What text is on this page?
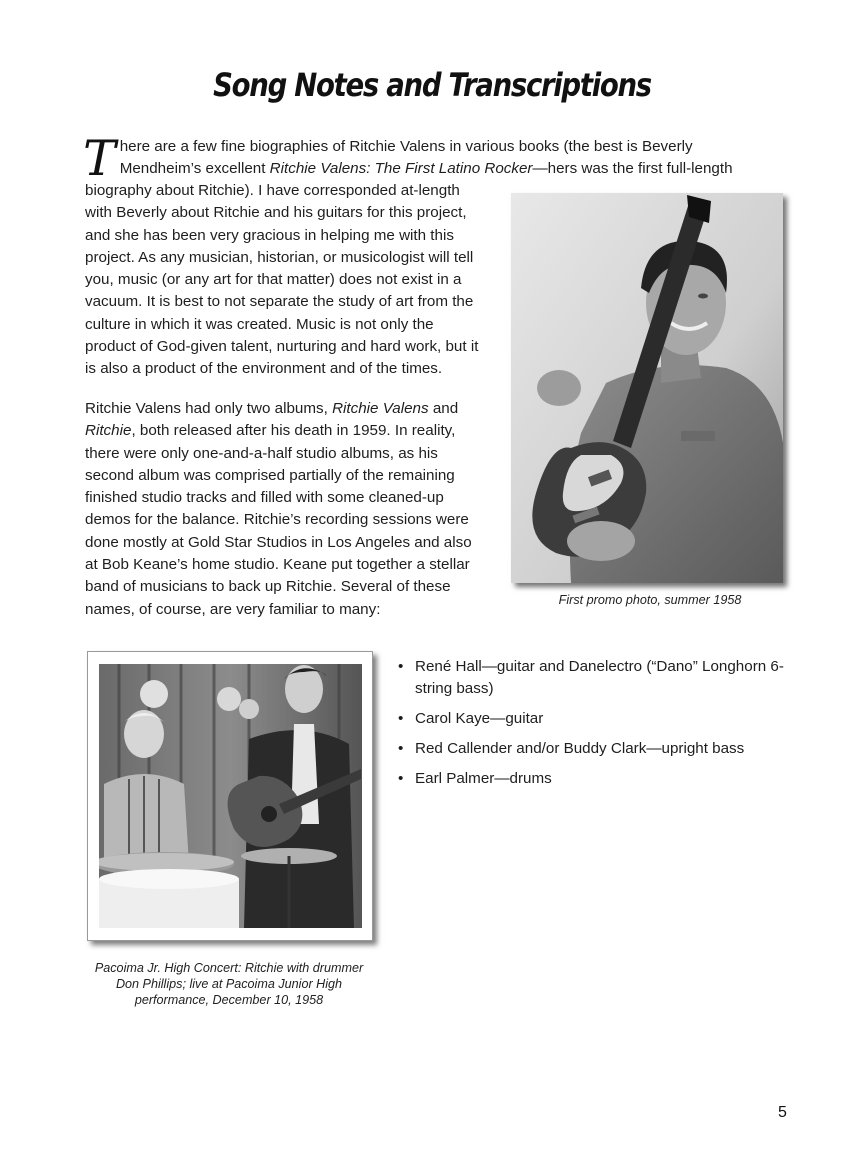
Song Notes and Transcriptions
T here are a few fine biographies of Ritchie Valens in various books (the best is Beverly
Mendheim’s excellent Ritchie Valens: The First Latino Rocker—hers was the first full-length

biography about Ritchie). I have corresponded at-length with Beverly about Ritchie and his guitars for this project, and she has been very gracious in helping me with this project. As any musician, historian, or musicologist will tell you, music (or any art for that matter) does not exist in a vacuum. It is best to not separate the study of art from the culture in which it was created. Music is not only the product of God-given talent, nurturing and hard work, but it is also a product of the environment and of the times.

Ritchie Valens had only two albums, Ritchie Valens and Ritchie, both released after his death in 1959. In reality, there were only one-and-a-half studio albums, as his second album was comprised partially of the remaining finished studio tracks and filled with some cleaned-up demos for the balance. Ritchie’s recording sessions were done mostly at Gold Star Studios in Los Angeles and also at Bob Keane’s home studio. Keane put together a stellar band of musicians to back up Ritchie. Several of these names, of course, are very familiar to many:

First promo photo, summer 1958
Pacoima Jr. High Concert: Ritchie with drummer Don Phillips; live at Pacoima Junior High performance, December 10, 1958
• René Hall—guitar and Danelectro (“Dano” Longhorn 6-string bass)
• Carol Kaye—guitar
• Red Callender and/or Buddy Clark—upright bass
• Earl Palmer—drums
5
